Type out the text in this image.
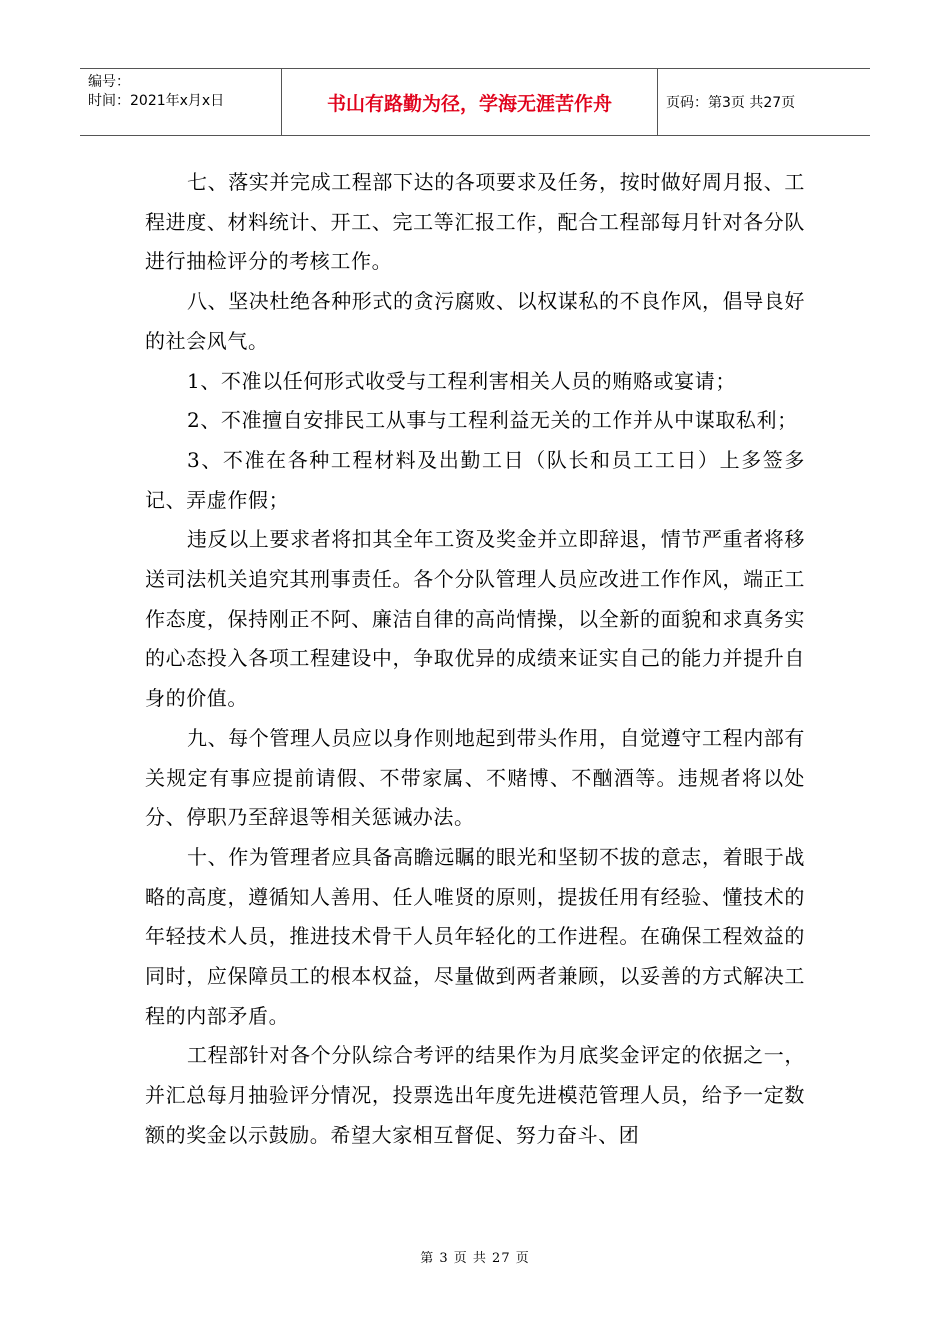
编号：
时间：2021年x月x日	书山有路勤为径，学海无涯苦作舟	页码：第3页 共27页

七、落实并完成工程部下达的各项要求及任务，按时做好周月报、工程进度、材料统计、开工、完工等汇报工作，配合工程部每月针对各分队进行抽检评分的考核工作。

八、坚决杜绝各种形式的贪污腐败、以权谋私的不良作风，倡导良好的社会风气。

1、不准以任何形式收受与工程利害相关人员的贿赂或宴请；

2、不准擅自安排民工从事与工程利益无关的工作并从中谋取私利；

3、不准在各种工程材料及出勤工日（队长和员工工日）上多签多记、弄虚作假；

违反以上要求者将扣其全年工资及奖金并立即辞退，情节严重者将移送司法机关追究其刑事责任。各个分队管理人员应改进工作作风，端正工作态度，保持刚正不阿、廉洁自律的高尚情操，以全新的面貌和求真务实的心态投入各项工程建设中，争取优异的成绩来证实自己的能力并提升自身的价值。

九、每个管理人员应以身作则地起到带头作用，自觉遵守工程内部有关规定有事应提前请假、不带家属、不赌博、不酗酒等。违规者将以处分、停职乃至辞退等相关惩诫办法。

十、作为管理者应具备高瞻远瞩的眼光和坚韧不拔的意志，着眼于战略的高度，遵循知人善用、任人唯贤的原则，提拔任用有经验、懂技术的年轻技术人员，推进技术骨干人员年轻化的工作进程。在确保工程效益的同时，应保障员工的根本权益，尽量做到两者兼顾，以妥善的方式解决工程的内部矛盾。

工程部针对各个分队综合考评的结果作为月底奖金评定的依据之一，并汇总每月抽验评分情况，投票选出年度先进模范管理人员，给予一定数额的奖金以示鼓励。希望大家相互督促、努力奋斗、团

第 3 页 共 27 页
